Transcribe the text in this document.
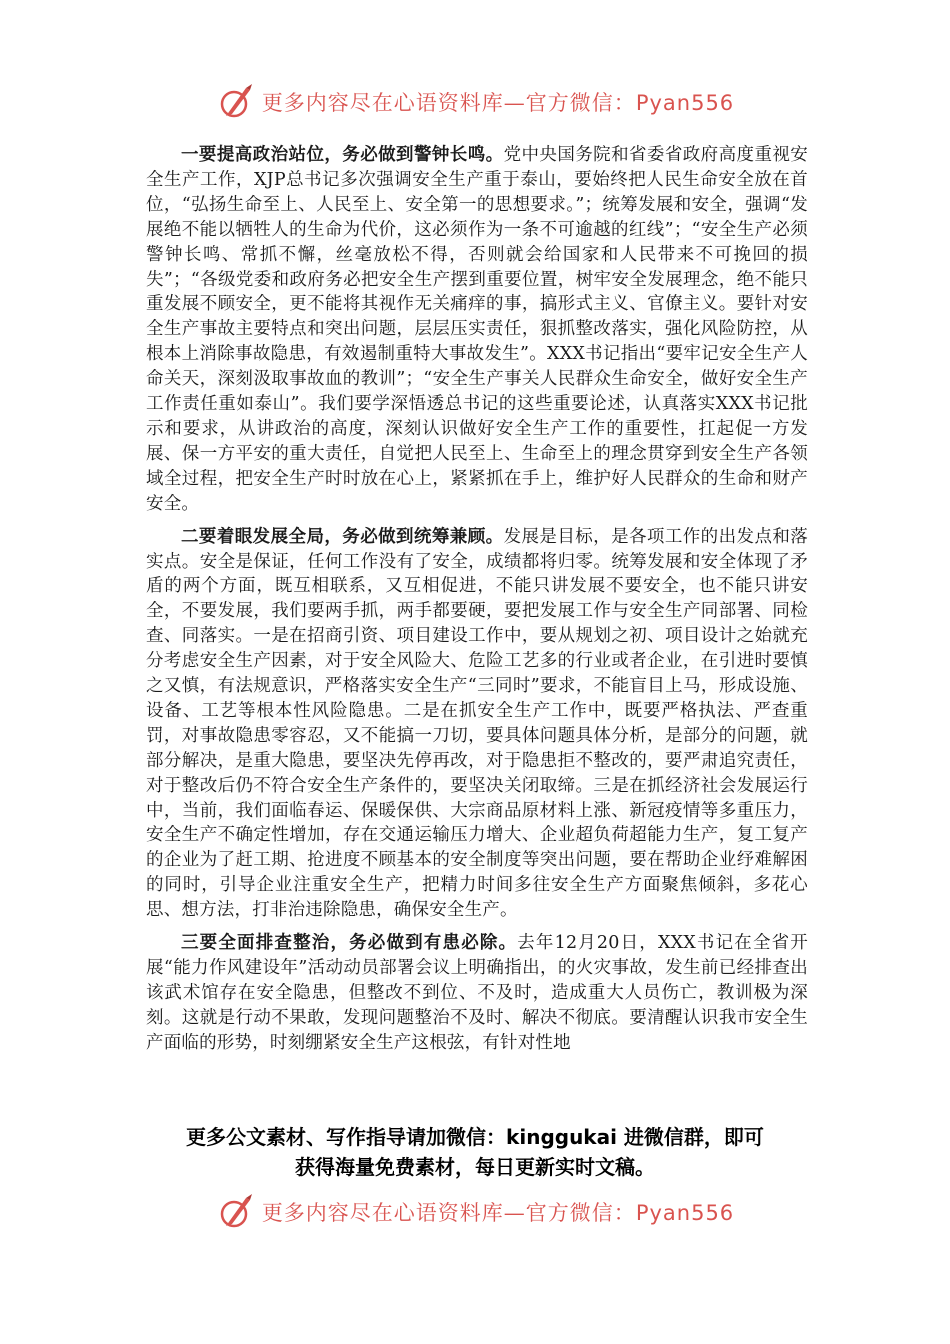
更多内容尽在心语资料库—官方微信：Pyan556

一要提高政治站位，务必做到警钟长鸣。党中央国务院和省委省政府高度重视安全生产工作，XJP总书记多次强调安全生产重于泰山，要始终把人民生命安全放在首位，“弘扬生命至上、人民至上、安全第一的思想要求。”；统筹发展和安全，强调“发展绝不能以牺牲人的生命为代价，这必须作为一条不可逾越的红线”；“安全生产必须警钟长鸣、常抓不懈，丝毫放松不得，否则就会给国家和人民带来不可挽回的损失”；“各级党委和政府务必把安全生产摆到重要位置，树牢安全发展理念，绝不能只重发展不顾安全，更不能将其视作无关痛痒的事，搞形式主义、官僚主义。要针对安全生产事故主要特点和突出问题，层层压实责任，狠抓整改落实，强化风险防控，从根本上消除事故隐患，有效遏制重特大事故发生”。XXX书记指出“要牢记安全生产人命关天，深刻汲取事故血的教训”；“安全生产事关人民群众生命安全，做好安全生产工作责任重如泰山”。我们要学深悟透总书记的这些重要论述，认真落实XXX书记批示和要求，从讲政治的高度，深刻认识做好安全生产工作的重要性，扛起促一方发展、保一方平安的重大责任，自觉把人民至上、生命至上的理念贯穿到安全生产各领域全过程，把安全生产时时放在心上，紧紧抓在手上，维护好人民群众的生命和财产安全。

二要着眼发展全局，务必做到统筹兼顾。发展是目标，是各项工作的出发点和落实点。安全是保证，任何工作没有了安全，成绩都将归零。统筹发展和安全体现了矛盾的两个方面，既互相联系，又互相促进，不能只讲发展不要安全，也不能只讲安全，不要发展，我们要两手抓，两手都要硬，要把发展工作与安全生产同部署、同检查、同落实。一是在招商引资、项目建设工作中，要从规划之初、项目设计之始就充分考虑安全生产因素，对于安全风险大、危险工艺多的行业或者企业，在引进时要慎之又慎，有法规意识，严格落实安全生产“三同时”要求，不能盲目上马，形成设施、设备、工艺等根本性风险隐患。二是在抓安全生产工作中，既要严格执法、严查重罚，对事故隐患零容忍，又不能搞一刀切，要具体问题具体分析，是部分的问题，就部分解决，是重大隐患，要坚决先停再改，对于隐患拒不整改的，要严肃追究责任，对于整改后仍不符合安全生产条件的，要坚决关闭取缔。三是在抓经济社会发展运行中，当前，我们面临春运、保暖保供、大宗商品原材料上涨、新冠疫情等多重压力，安全生产不确定性增加，存在交通运输压力增大、企业超负荷超能力生产，复工复产的企业为了赶工期、抢进度不顾基本的安全制度等突出问题，要在帮助企业纾难解困的同时，引导企业注重安全生产，把精力时间多往安全生产方面聚焦倾斜，多花心思、想方法，打非治违除隐患，确保安全生产。

三要全面排查整治，务必做到有患必除。去年12月20日，XXX书记在全省开展“能力作风建设年”活动动员部署会议上明确指出，的火灾事故，发生前已经排查出该武术馆存在安全隐患，但整改不到位、不及时，造成重大人员伤亡，教训极为深刻。这就是行动不果敢，发现问题整治不及时、解决不彻底。要清醒认识我市安全生产面临的形势，时刻绷紧安全生产这根弦，有针对性地

更多公文素材、写作指导请加微信：kinggukai 进微信群，即可
获得海量免费素材，每日更新实时文稿。
更多内容尽在心语资料库—官方微信：Pyan556
